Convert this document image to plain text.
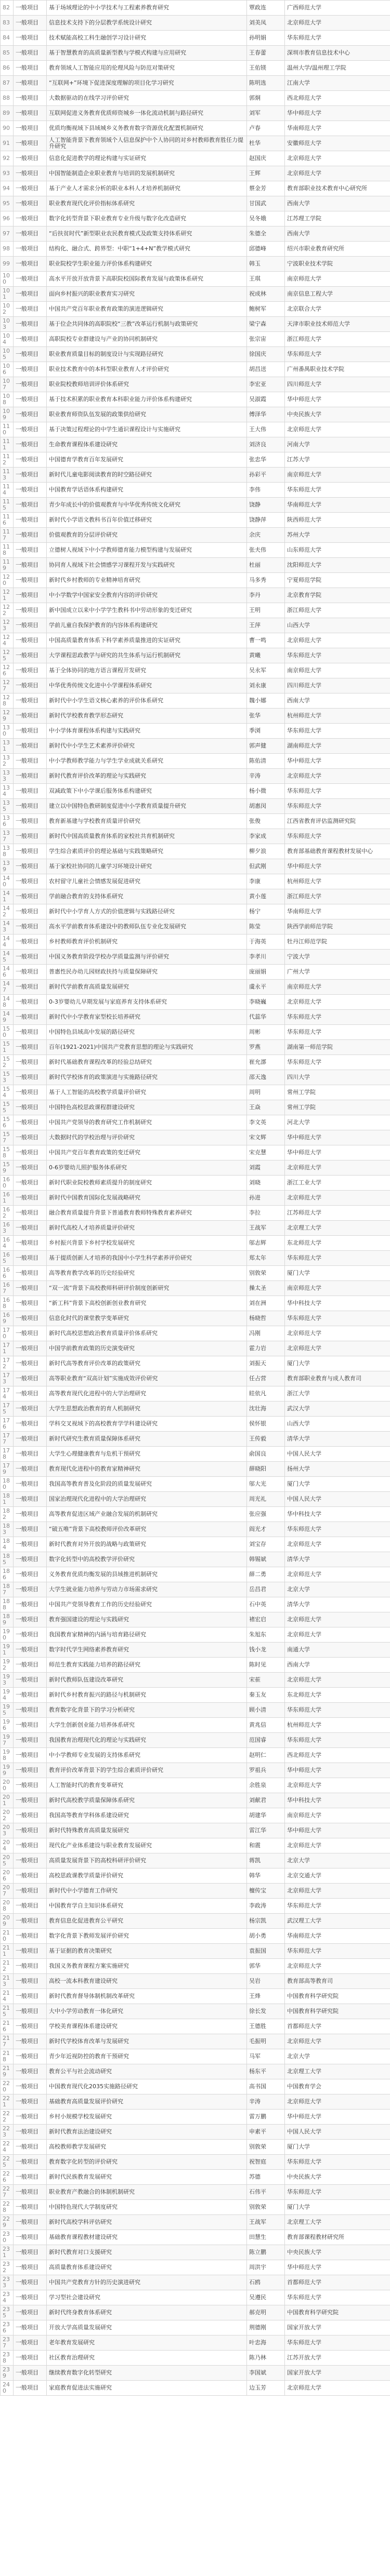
82	一般项目	基于场域理论的中小学技术与工程素养教育研究	覃政连	广西师范大学
83	一般项目	信息技术支持下的分层教学系统设计研究	刘美凤	北京师范大学
84	一般项目	技术赋能高校工科生融创学习设计研究	孙明娟	华东师范大学
85	一般项目	基于智慧教育的高质量新型教与学模式构建与应用研究	王春蕾	深圳市教育信息技术中心
86	一般项目	教育领域人工智能应用的伦理风险与防范对策研究	王佑镁	温州大学/温州理工学院
87	一般项目	“互联网+”环境下促进深度理解的项目化学习研究	陈明选	江南大学
88	一般项目	大数据驱动的在线学习评价研究	郭炯	西北师范大学
89	一般项目	互联网促进义务教育优质师资城乡一体化流动机制与路径研究	刘军	华中师范大学
90	一般项目	优质均衡视域下县域城乡义务教育数字资源优化配置机制研究	卢春	华南师范大学
91	一般项目	人工智能背景下教育领域个人信息保护中个人协同的对乡村教师教育胜任力提升研究	杜华	安徽师范大学
92	一般项目	信息化促进教学的理论构建与实证研究	赵国庆	北京师范大学
93	一般项目	中国智能制造企业职业教育与培训的发展机制研究	王辉	北京师范大学
94	一般项目	基于产业人才需求分析的职业本科人才培养机制研究	蔡金芳	教育部职业技术教育中心研究所
95	一般项目	职业教育现代化评价指标体系研究	甘国武	西南大学
96	一般项目	数字化转型背景下职业教育专业升级与数字化改造研究	吴冬娥	江苏理工学院
97	一般项目	“后扶贫时代”新型职业农民教育模式及政策支持体系研究	朱德全	西南大学
98	一般项目	结构化、融合式、跨界型：中职“1+4+N”教学模式研究	邱德峰	绍兴市职业教育研究所
99	一般项目	职业院校学生职业能力评价体系构建研究	韩玉	宁波职业技术学院
100	一般项目	高水平开放开放背景下高职院校国际教育发展与政策体系研究	王琪	南京师范大学
101	一般项目	面向乡村振兴的职业教育实习研究	祝成林	南京信息工程大学
102	一般项目	中国共产党百年职业教育政策的演进逻辑研究	鲍树军	北京联合大学
103	一般项目	基于位企共同体的高职院校“三教”改革运行机制与政策研究	梁宁森	天津市职业技术师范大学
104	一般项目	高职院校专业群建设与产业的协同机制研究	张宗宙	浙江师范大学
105	一般项目	职业教育质量目标的制度设计与实现路径研究	徐国庆	华东师范大学
106	一般项目	职业技术教育中的本科型职业教育人才评价研究	胡昌送	广州番禺职业技术学院
107	一般项目	职业院校教师培训评价体系研究	李宏亚	四川师范大学
108	一般项目	基于技术积累的职业教育本科职业能力评价体系构建研究	吴淑霞	华中师范大学
109	一般项目	职业教育师资队伍发展的政策供给研究	傅泽华	中央民族大学
110	一般项目	基于决策过程理论的中学生通识课程设计与实施研究	王大伟	北京师范大学
111	一般项目	生命教育课程体系建设研究	刘济良	河南大学
112	一般项目	中国德育学教育百年发展研究	张忠华	江苏大学
113	一般项目	新时代儿童电影阅读教育的时空路径研究	孙彩平	南京师范大学
114	一般项目	中国教育学话语体系构建研究	李伟	华东师范大学
115	一般项目	青少年成长中的价值观教育与中华优秀传统文化研究	饶静	华南师范大学
116	一般项目	新时代小学语文教科书百年价值迁移研究	饶静萍	陕西师范大学
117	一般项目	价值观教育的分层评价研究	余庆	苏州大学
118	一般项目	立德树人视域下中小学教师德育能力模型构建与发展研究	张夫伟	山东师范大学
119	一般项目	协同育人视域下社会情感学习课程开发与实践研究	杜丽	沈阳师范大学
120	一般项目	新时代乡村教师的专业精神培育研究	马多秀	宁夏师范学院
121	一般项目	中小学数学中国家安全教育内容的评价研究	李丹	北京教育学院
122	一般项目	新中国成立以来中小学学生教科书中劳动形象的变迁研究	王明	浙江师范大学
123	一般项目	学前儿童自我保护教育的内容体系构建研究	王萍	山西大学
124	一般项目	中国高质量教育体系下科学素养质量推进的实证研究	曹一鸣	北京师范大学
125	一般项目	大学课程思政教学与研究的共生体系与运行机制研究	黄曦	华东师范大学
126	一般项目	基于全体协同的地方语言课程开发研究	吴永军	南京师范大学
127	一般项目	中华优秀传统文化进中小学课程体系研究	刘永康	四川师范大学
128	一般项目	新时代中小学生语文核心素养的评价体系研究	魏小娜	西南大学
129	一般项目	新时代学校教育教学形态研究	张华	杭州师范大学
130	一般项目	中小学体育课程体系构建与实践研究	季浏	华东师范大学
131	一般项目	新时代中小学生艺术素养评价研究	郭声健	湖南师范大学
132	一般项目	中小学教师教学能力与学生学业成就关系研究	陈佑清	华中师范大学
133	一般项目	新时代教育评价改革的理论与实践研究	辛涛	北京师范大学
134	一般项目	双减政策下中小学课后服务体系构建研究	杨小微	华东师范大学
135	一般项目	建立以中国特色教研制度促进中小学教育质量提升研究	胡惠闵	华东师范大学
136	一般项目	教育新基建与学校教育质量评价研究	张俊	江西省教育评估监测研究院
137	一般项目	新时代中国高质量教育体系的家校社共育机制研究	李家成	华东师范大学
138	一般项目	学生综合素质评价的理论基础与实践策略研究	柳夕浪	教育部基础教育课程教材发展中心
139	一般项目	基于家校社协同的儿童学习环境设计研究	但武刚	华中师范大学
140	一般项目	农村留守儿童社会情感发展促进研究	李康	杭州师范大学
141	一般项目	学前融合教育的支持体系研究	黄小莲	浙江师范大学
142	一般项目	新时代中小学育人方式的价值逻辑与实践路径研究	杨宁	华南师范大学
143	一般项目	高水平学前教育体系建设中的教师队伍专业化发展研究	陈莹	陕西学前师范学院
144	一般项目	乡村教师教育评价机制研究	于海英	牡丹江师范学院
145	一般项目	中国义务教育阶段学校办学质量监测与评价研究	李孝川	宁波大学
146	一般项目	普惠性民办幼儿园财政扶持与质量保障研究	庞丽娟	广州大学
147	一般项目	新时代学前教育高质量发展研究	虞永平	南京师范大学
148	一般项目	0-3岁婴幼儿早期发展与家庭养育支持体系研究	李晓巍	北京师范大学
149	一般项目	新时代中小学教育家型校长培养研究	代蕊华	华东师范大学
150	一般项目	中国特色县域高中发展的路径研究	周彬	华东师范大学
151	一般项目	百年(1921-2021)中国共产党教育思想的理论与实践研究	罗燕	湖南第一师范学院
152	一般项目	新时代基础教育课程改革的经验总结研究	崔允漷	华东师范大学
153	一般项目	新时代学校体育的政策演进与实施路径研究	邵天逸	四川大学
154	一般项目	基于人工智能的高校教学质量评价研究	周明	常州工学院
155	一般项目	中国特色高校思政课程群建设研究	王焱	常州工学院
156	一般项目	中国共产党领导的教育研究工作机制研究	李文英	河北大学
157	一般项目	大数据时代的学校治理与评价研究	宋文辉	华中师范大学
158	一般项目	中国共产党百年教育政策的变迁研究	宋克慧	华中师范大学
159	一般项目	0-6岁婴幼儿照护服务体系研究	刘霞	北京师范大学
160	一般项目	新时代职业院校教师素质提升的制度研究	刘晓	浙江工业大学
161	一般项目	新时代中国教育国际化发展战略研究	孙进	北京师范大学
162	一般项目	融合教育质量提升背景下普通教育教师特殊教育素养研究	李拉	江苏师范大学
163	一般项目	新时代高校人才培养质量评价研究	王战军	北京理工大学
164	一般项目	乡村振兴背景下乡村学校发展研究	邬志辉	东北师范大学
165	一般项目	基于提质创新人才培养的我国中小学生科学素养评价研究	郑太年	华东师范大学
166	一般项目	高等教育教学改革的历史经验研究	别敦荣	厦门大学
167	一般项目	“双一流”背景下高校教师科研评价制度创新研究	操太圣	南京师范大学
168	一般项目	“新工科”背景下高校创新创业教育研究	刘在洲	华中科技大学
169	一般项目	信息化时代的课堂教学变革研究	杨晓哲	华东师范大学
170	一般项目	新时代高校思想政治教育质量评价体系研究	冯刚	北京师范大学
171	一般项目	中国学前教育政策的历史演变研究	霍力岩	北京师范大学
172	一般项目	新时代高等教育评价改革的政策研究	刘振天	厦门大学
173	一般项目	高等职业教育“双高计划”实施成效评价研究	任占营	教育部职业教育与成人教育司
174	一般项目	高等教育现代化进程中的大学治理研究	眭依凡	浙江大学
175	一般项目	大学生思想政治教育的育人机制研究	沈壮海	武汉大学
176	一般项目	学科交叉视域下的高校教育学学科建设研究	侯怀银	山西大学
177	一般项目	新时代研究生教育质量保障体系研究	王传毅	清华大学
178	一般项目	大学生心理健康教育与危机干预研究	俞国良	中国人民大学
179	一般项目	教育现代化进程中的教育家精神研究	薛晓阳	扬州大学
180	一般项目	我国高等教育普及化阶段的质量发展研究	邬大光	厦门大学
181	一般项目	国家治理现代化进程中的大学治理研究	周光礼	中国人民大学
182	一般项目	高等教育促进区域产业融合发展的机制研究	张应强	华中科技大学
183	一般项目	“破五唯”背景下高校教师评价改革研究	阎光才	华东师范大学
184	一般项目	新时代教育对外开放的战略与政策研究	刘宝存	北京师范大学
185	一般项目	数字化转型中的高校教学评价研究	韩锡斌	清华大学
186	一般项目	义务教育优质均衡发展的县域推进机制研究	薛二勇	北京师范大学
187	一般项目	大学生就业能力培养与劳动力市场需求研究	岳昌君	北京大学
188	一般项目	中国共产党领导教育工作的历史经验研究	石中英	清华大学
189	一般项目	教育强国建设的理论与实践研究	褚宏启	北京师范大学
190	一般项目	我国教育家精神的内涵与培育路径研究	朱旭东	北京师范大学
191	一般项目	数字时代学生网络素养教育研究	钱小龙	南通大学
192	一般项目	师范生教育实践能力培养的路径研究	陈时见	西南大学
193	一般项目	新时代教师队伍建设改革研究	宋萑	北京师范大学
194	一般项目	新时代乡村教育振兴的路径与机制研究	秦玉友	东北师范大学
195	一般项目	教育数字化背景下的学习分析研究	顾小清	华东师范大学
196	一般项目	大学生创新创业能力培养体系研究	黄兆信	杭州师范大学
197	一般项目	我国教育治理现代化的理论与实践研究	范国睿	华东师范大学
198	一般项目	中小学教师专业发展的支持体系研究	赵明仁	西北师范大学
199	一般项目	教育评价改革背景下的学生综合素质评价研究	罗祖兵	华中师范大学
200	一般项目	人工智能时代的教育变革研究	余胜泉	北京师范大学
201	一般项目	新时代高校教学质量保障体系研究	刘献君	华中科技大学
202	一般项目	我国高等教育学科体系建设研究	胡建华	南京师范大学
203	一般项目	新时代特殊教育高质量发展研究	雷江华	华中师范大学
204	一般项目	现代化产业体系建设与职业教育发展研究	和震	北京师范大学
205	一般项目	高质量发展背景下的高校科研评价研究	蒋凯	北京大学
206	一般项目	高校思政课教学质量评价研究	韩华	北京交通大学
207	一般项目	新时代中小学德育工作研究	檀传宝	北京师范大学
208	一般项目	中国教育学自主知识体系研究	李政涛	华东师范大学
209	一般项目	教育信息化促进教育公平研究	杨宗凯	武汉理工大学
210	一般项目	数字化背景下教师发展评价研究	胡小勇	华南师范大学
211	一般项目	基于证据的教育决策研究	袁振国	华东师范大学
212	一般项目	我国义务教育课程方案实施研究	郭华	北京师范大学
213	一般项目	高校一流本科教育建设研究	吴岩	教育部高等教育司
214	一般项目	新时代教育督导体制机制改革研究	王烽	中国教育科学研究院
215	一般项目	大中小学劳动教育一体化研究	徐长发	中国教育科学研究院
216	一般项目	学校美育课程体系建设研究	王德胜	首都师范大学
217	一般项目	新时代学校体育改革与发展研究	毛振明	北京师范大学
218	一般项目	青少年近视防控的教育干预研究	马军	北京大学
219	一般项目	教育公平与社会流动研究	杨东平	北京理工大学
220	一般项目	中国教育现代化2035实施路径研究	高书国	中国教育学会
221	一般项目	基础教育高质量发展评价研究	辛涛	北京师范大学
222	一般项目	乡村小规模学校发展研究	雷万鹏	华中师范大学
223	一般项目	新时代教育法治建设研究	申素平	中国人民大学
224	一般项目	高校教师教学发展研究	别敦荣	厦门大学
225	一般项目	教育数字化转型的评价研究	祝智庭	华东师范大学
226	一般项目	新时代民族教育发展研究	苏德	中央民族大学
227	一般项目	职业教育产教融合的体制机制研究	石伟平	华东师范大学
228	一般项目	中国特色现代大学制度研究	别敦荣	厦门大学
229	一般项目	新时代高校学科评估研究	王战军	北京理工大学
230	一般项目	基础教育课程教材建设研究	田慧生	教育部课程教材研究所
231	一般项目	新时代教育对口支援研究	陈立鹏	中央民族大学
232	一般项目	高质量教育体系建设研究	周洪宇	华中师范大学
233	一般项目	中国共产党教育方针的历史演进研究	石鸥	首都师范大学
234	一般项目	学习型社会建设研究	吴遵民	华东师范大学
235	一般项目	新时代终身教育体系研究	郝克明	中国教育科学研究院
236	一般项目	开放大学高质量发展研究	荆德刚	国家开放大学
237	一般项目	老年教育发展研究	叶忠海	华东师范大学
238	一般项目	社区教育治理研究	陈乃林	江苏开放大学
239	一般项目	继续教育数字化转型研究	李国斌	国家开放大学
240	一般项目	家庭教育促进法实施研究	边玉芳	北京师范大学
